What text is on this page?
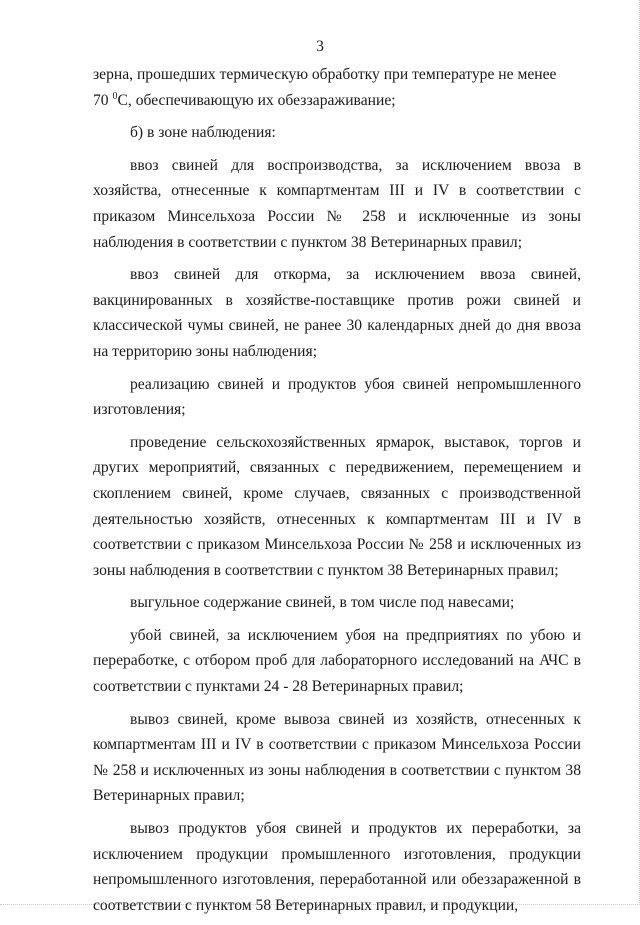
3

зерна, прошедших термическую обработку при температуре не менее

70 $^0$С, обеспечивающую их обеззараживание;

б) в зоне наблюдения:

ввоз свиней для воспроизводства, за исключением ввоза в хозяйства, отнесенные к компартментам III и IV в соответствии с приказом Минсельхоза России № 258 и исключенные из зоны наблюдения в соответствии с пунктом 38 Ветеринарных правил;

ввоз свиней для откорма, за исключением ввоза свиней, вакцинированных в хозяйстве-поставщике против рожи свиней и классической чумы свиней, не ранее 30 календарных дней до дня ввоза на территорию зоны наблюдения;

реализацию свиней и продуктов убоя свиней непромышленного изготовления;

проведение сельскохозяйственных ярмарок, выставок, торгов и других мероприятий, связанных с передвижением, перемещением и скоплением свиней, кроме случаев, связанных с производственной деятельностью хозяйств, отнесенных к компартментам III и IV в соответствии с приказом Минсельхоза России № 258 и исключенных из зоны наблюдения в соответствии с пунктом 38 Ветеринарных правил;

выгульное содержание свиней, в том числе под навесами;

убой свиней, за исключением убоя на предприятиях по убою и переработке, с отбором проб для лабораторного исследований на АЧС в соответствии с пунктами 24 - 28 Ветеринарных правил;

вывоз свиней, кроме вывоза свиней из хозяйств, отнесенных к компартментам III и IV в соответствии с приказом Минсельхоза России № 258 и исключенных из зоны наблюдения в соответствии с пунктом 38 Ветеринарных правил;

вывоз продуктов убоя свиней и продуктов их переработки, за исключением продукции промышленного изготовления, продукции непромышленного изготовления, переработанной или обеззараженной в соответствии с пунктом 58 Ветеринарных правил, и продукции,
